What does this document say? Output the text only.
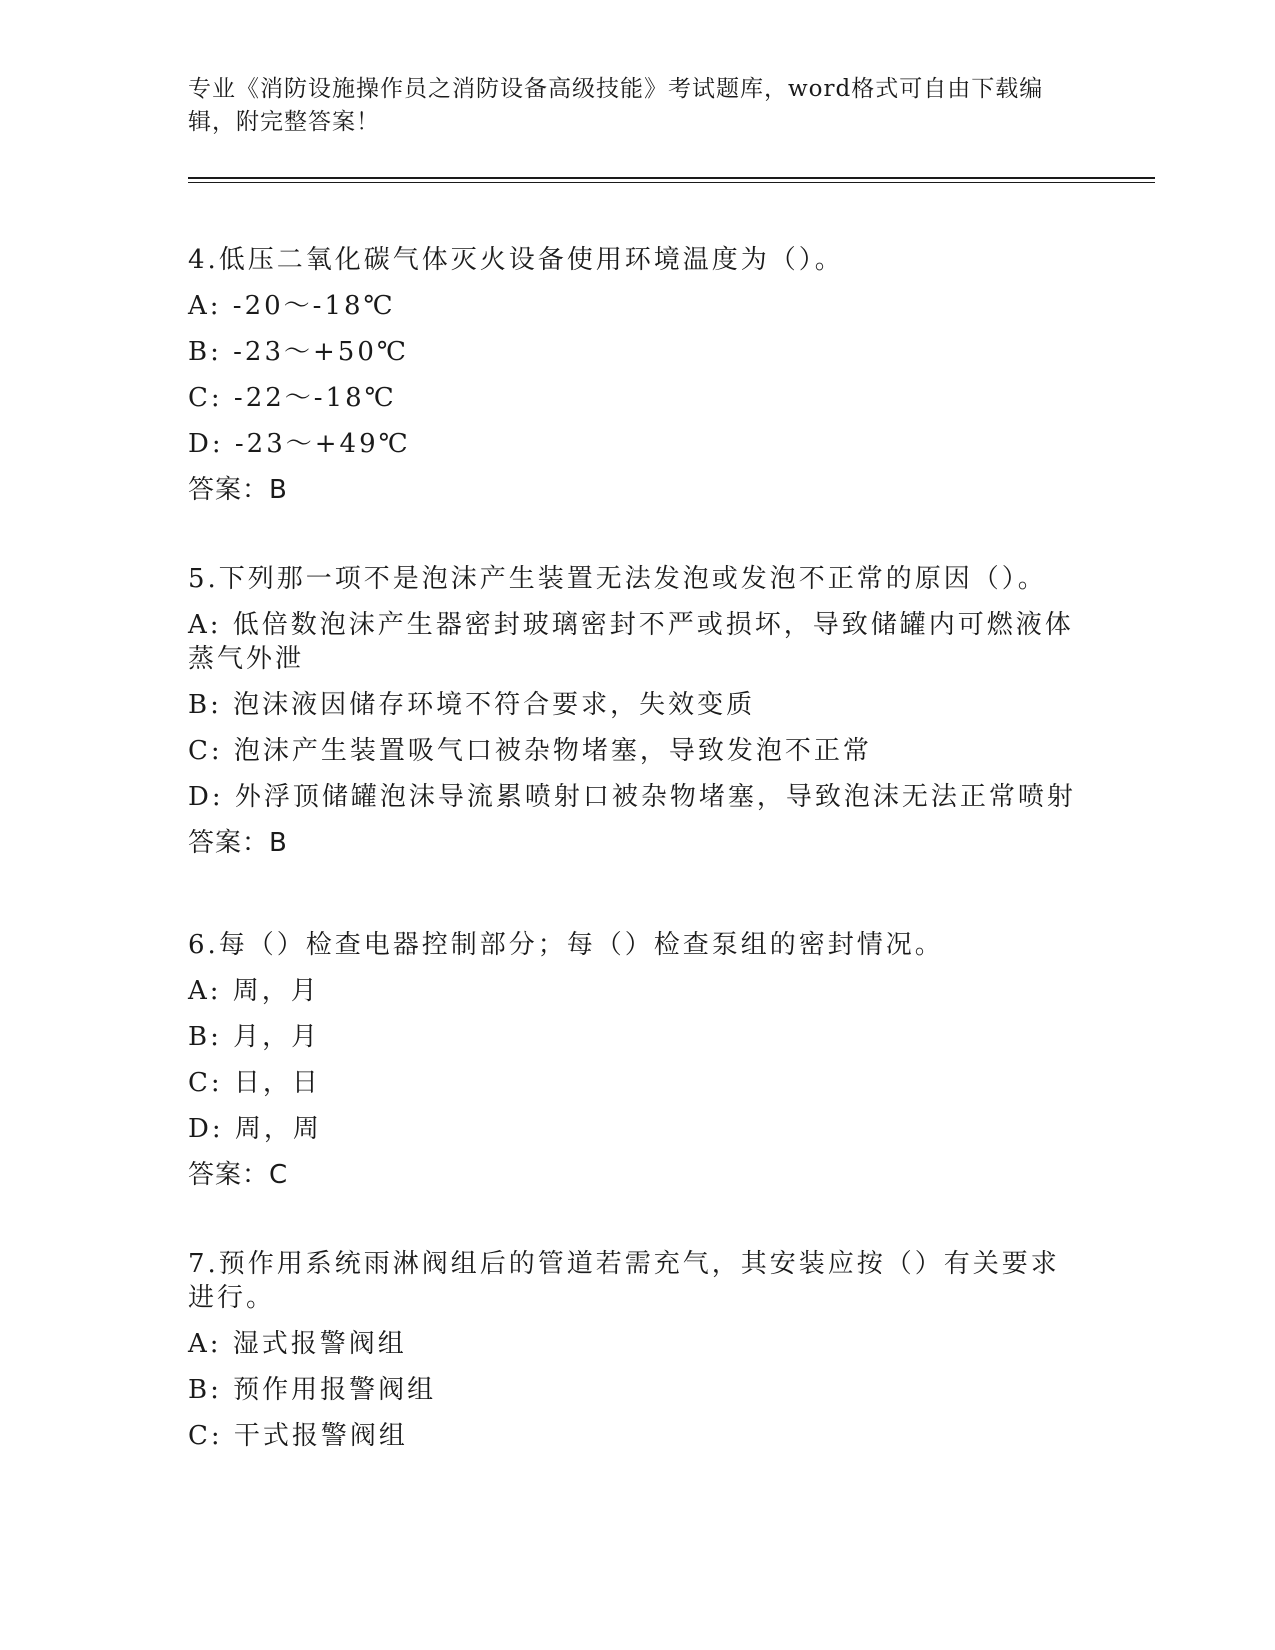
专业《消防设施操作员之消防设备高级技能》考试题库，word格式可自由下载编辑，附完整答案！
4.低压二氧化碳气体灭火设备使用环境温度为（）。
A: -20～-18℃
B: -23～+50℃
C: -22～-18℃
D: -23～+49℃
答案：B
5.下列那一项不是泡沫产生装置无法发泡或发泡不正常的原因（）。
A: 低倍数泡沫产生器密封玻璃密封不严或损坏，导致储罐内可燃液体蒸气外泄
B: 泡沫液因储存环境不符合要求，失效变质
C: 泡沫产生装置吸气口被杂物堵塞，导致发泡不正常
D: 外浮顶储罐泡沫导流累喷射口被杂物堵塞，导致泡沫无法正常喷射
答案：B
6.每（）检查电器控制部分；每（）检查泵组的密封情况。
A: 周，月
B: 月，月
C: 日，日
D: 周，周
答案：C
7.预作用系统雨淋阀组后的管道若需充气，其安装应按（）有关要求进行。
A: 湿式报警阀组
B: 预作用报警阀组
C: 干式报警阀组
